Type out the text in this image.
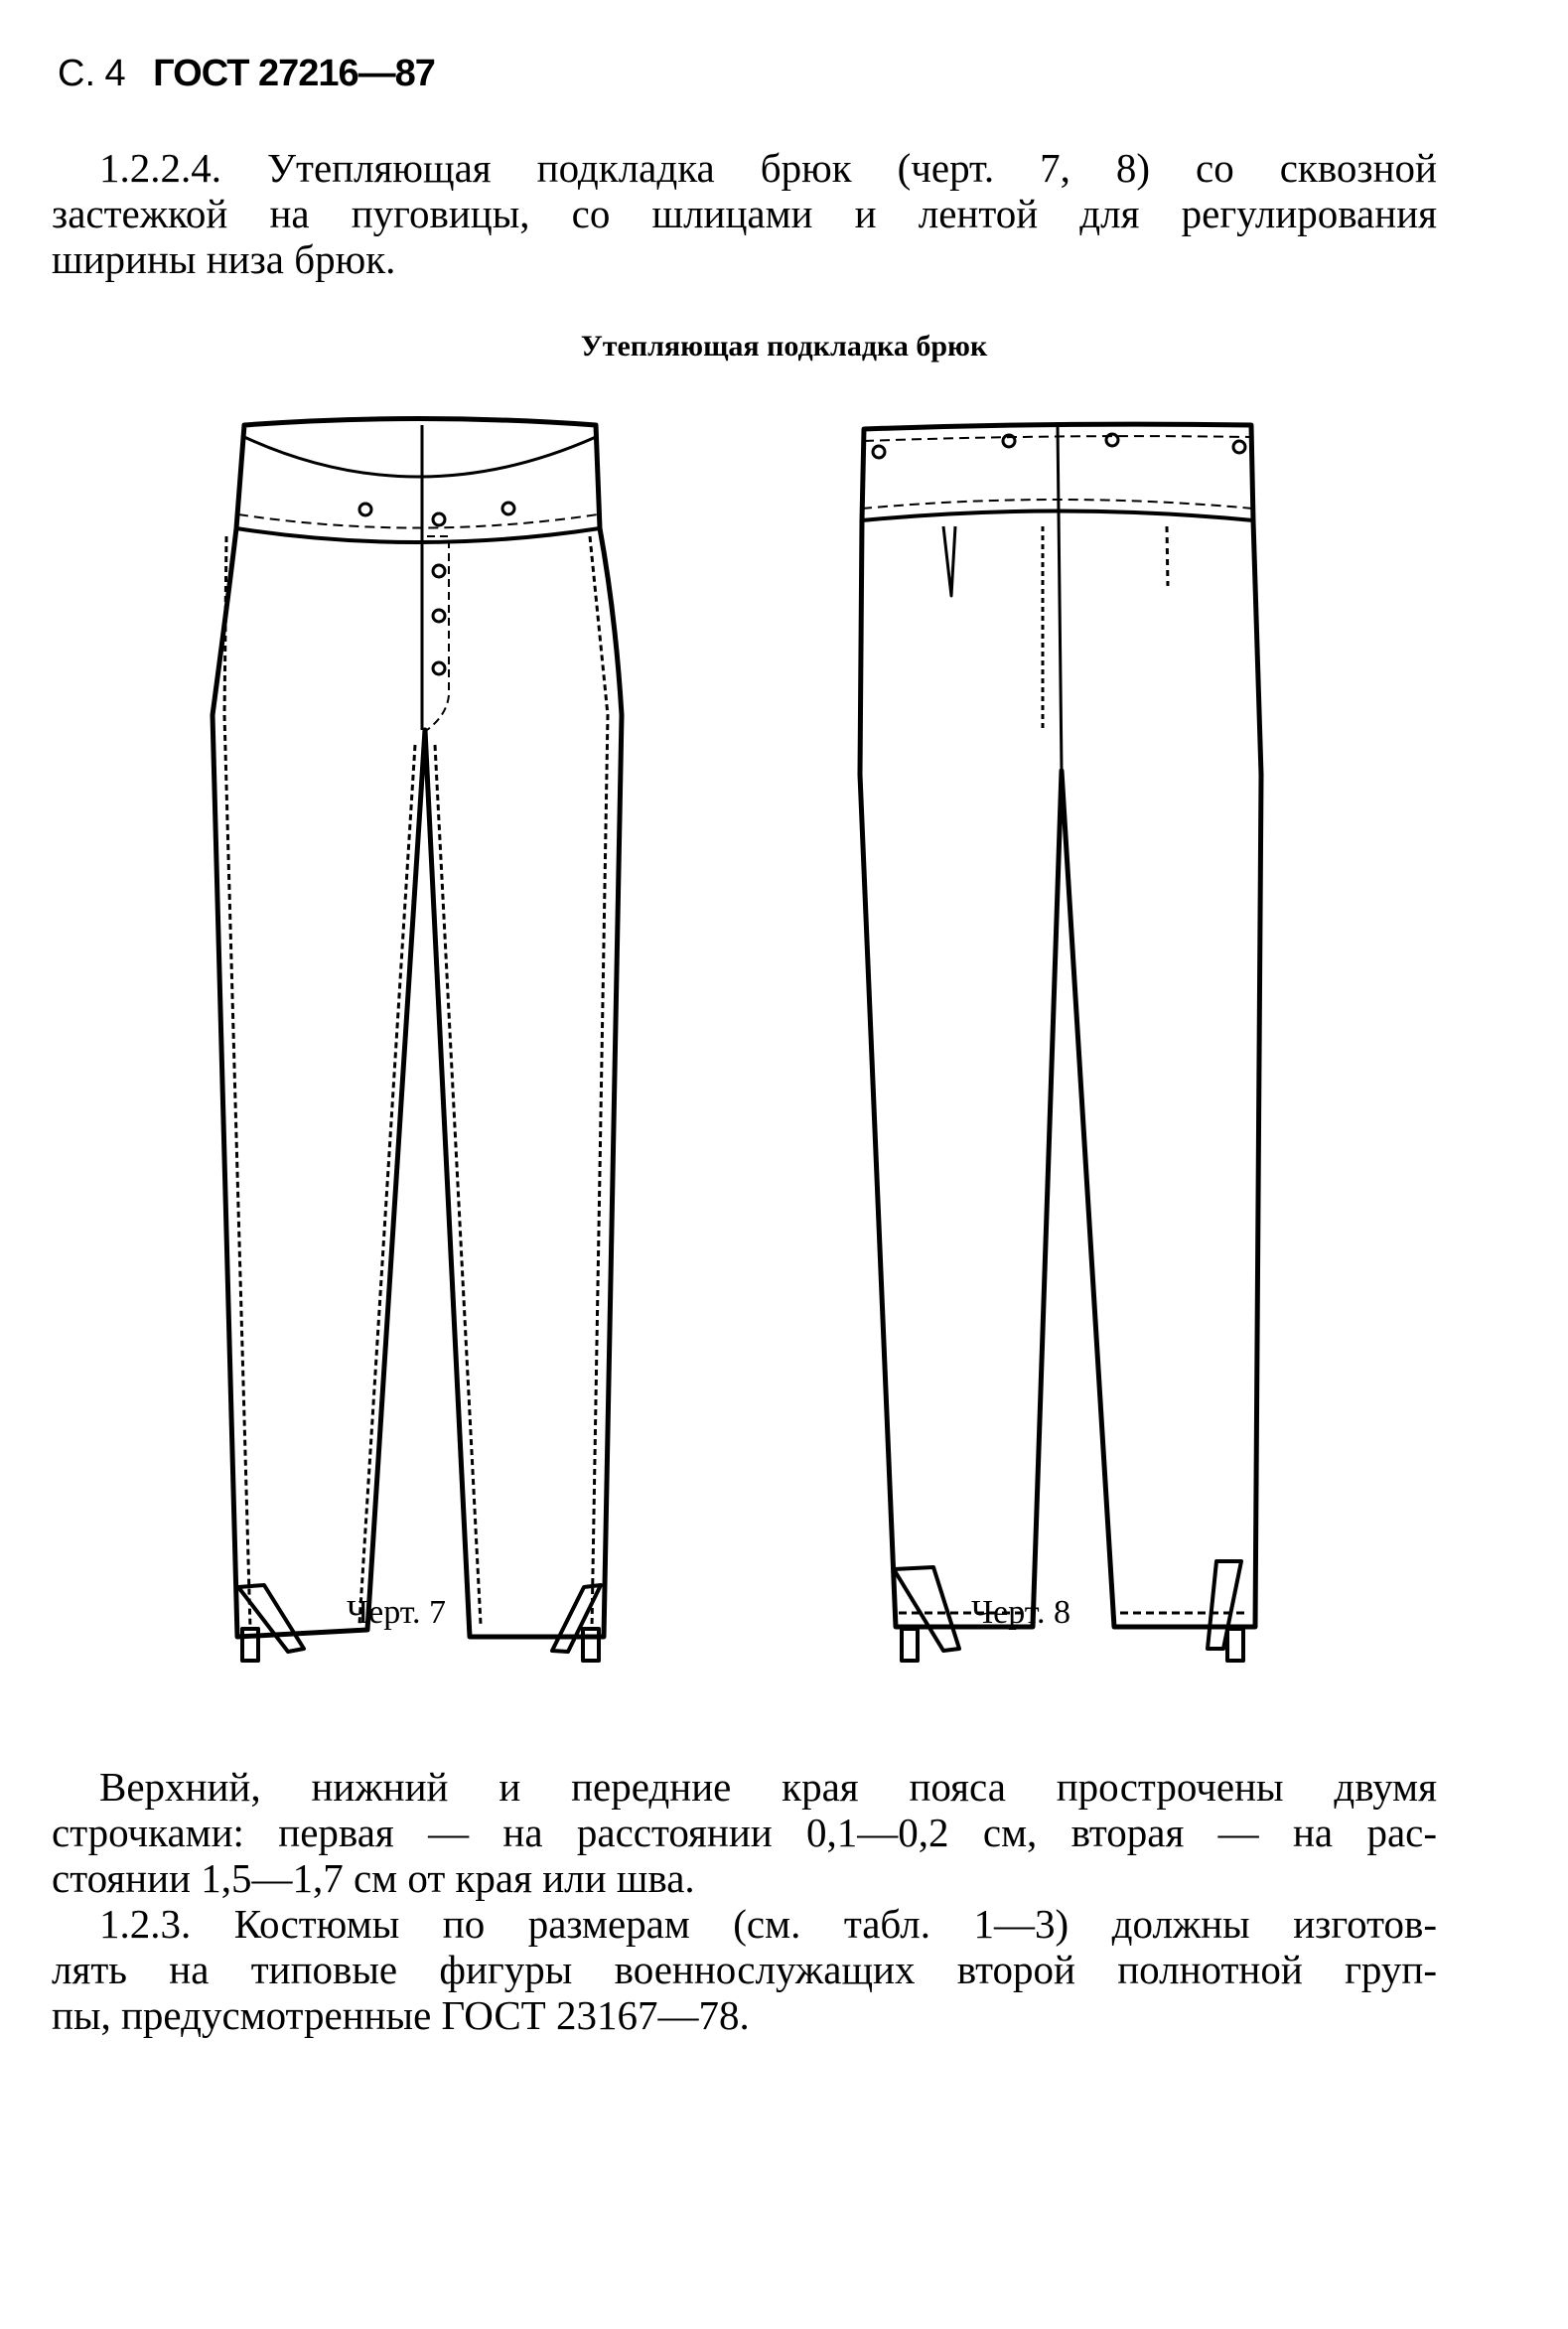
С. 4 ГОСТ 27216—87
1.2.2.4. Утепляющая подкладка брюк (черт. 7, 8) со сквозной
застежкой на пуговицы, со шлицами и лентой для регулирования
ширины низа брюк.
Утепляющая подкладка брюк
Черт. 7	Черт. 8
Верхний, нижний и передние края пояса прострочены двумя
строчками: первая — на расстоянии 0,1—0,2 см, вторая — на рас-
стоянии 1,5—1,7 см от края или шва.
1.2.3. Костюмы по размерам (см. табл. 1—3) должны изготов-
лять на типовые фигуры военнослужащих второй полнотной груп-
пы, предусмотренные ГОСТ 23167—78.
